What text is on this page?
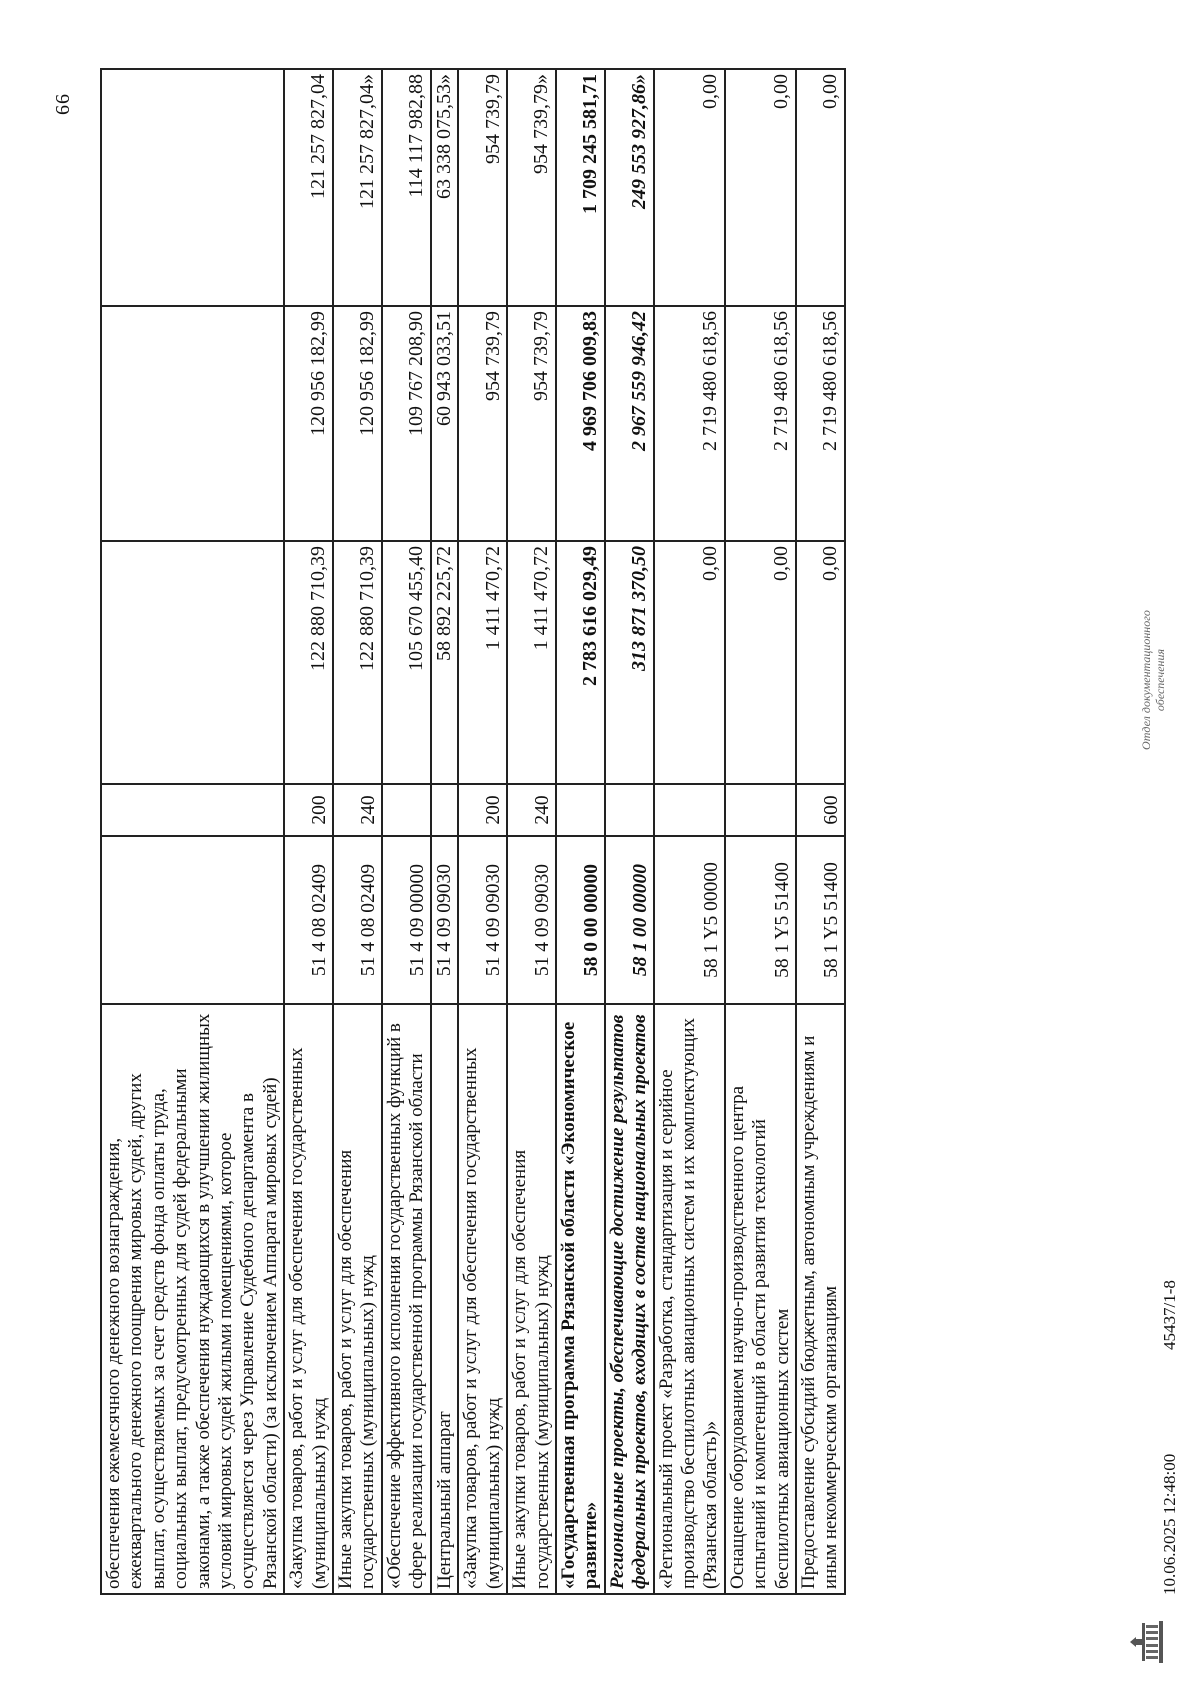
66
обеспечения ежемесячного денежного вознаграждения, ежеквартального денежного поощрения мировых судей, других выплат, осуществляемых за счет средств фонда оплаты труда, социальных выплат, предусмотренных для судей федеральными законами, а также обеспечения нуждающихся в улучшении жилищных условий мировых судей жилыми помещениями, которое осуществляется через Управление Судебного департамента в Рязанской области) (за исключением Аппарата мировых судей)					
«Закупка товаров, работ и услуг для обеспечения государственных (муниципальных) нужд	51 4 08 02409	200	122 880 710,39	120 956 182,99	121 257 827,04
Иные закупки товаров, работ и услуг для обеспечения государственных (муниципальных) нужд	51 4 08 02409	240	122 880 710,39	120 956 182,99	121 257 827,04»
«Обеспечение эффективного исполнения государственных функций в сфере реализации государственной программы Рязанской области	51 4 09 00000		105 670 455,40	109 767 208,90	114 117 982,88
Центральный аппарат	51 4 09 09030		58 892 225,72	60 943 033,51	63 338 075,53»
«Закупка товаров, работ и услуг для обеспечения государственных (муниципальных) нужд	51 4 09 09030	200	1 411 470,72	954 739,79	954 739,79
Иные закупки товаров, работ и услуг для обеспечения государственных (муниципальных) нужд	51 4 09 09030	240	1 411 470,72	954 739,79	954 739,79»
«Государственная программа Рязанской области «Экономическое развитие»	58 0 00 00000		2 783 616 029,49	4 969 706 009,83	1 709 245 581,71
Региональные проекты, обеспечивающие достижение результатов федеральных проектов, входящих в состав национальных проектов	58 1 00 00000		313 871 370,50	2 967 559 946,42	249 553 927,86»
«Региональный проект «Разработка, стандартизация и серийное производство беспилотных авиационных систем и их комплектующих (Рязанская область)»	58 1 Y5 00000		0,00	2 719 480 618,56	0,00
Оснащение оборудованием научно-производственного центра испытаний и компетенций в области развития технологий беспилотных авиационных систем	58 1 Y5 51400		0,00	2 719 480 618,56	0,00
Предоставление субсидий бюджетным, автономным учреждениям и иным некоммерческим организациям	58 1 Y5 51400	600	0,00	2 719 480 618,56	0,00
10.06.2025 12:48:00
45437/1-8
Отдел документационного обеспечения
